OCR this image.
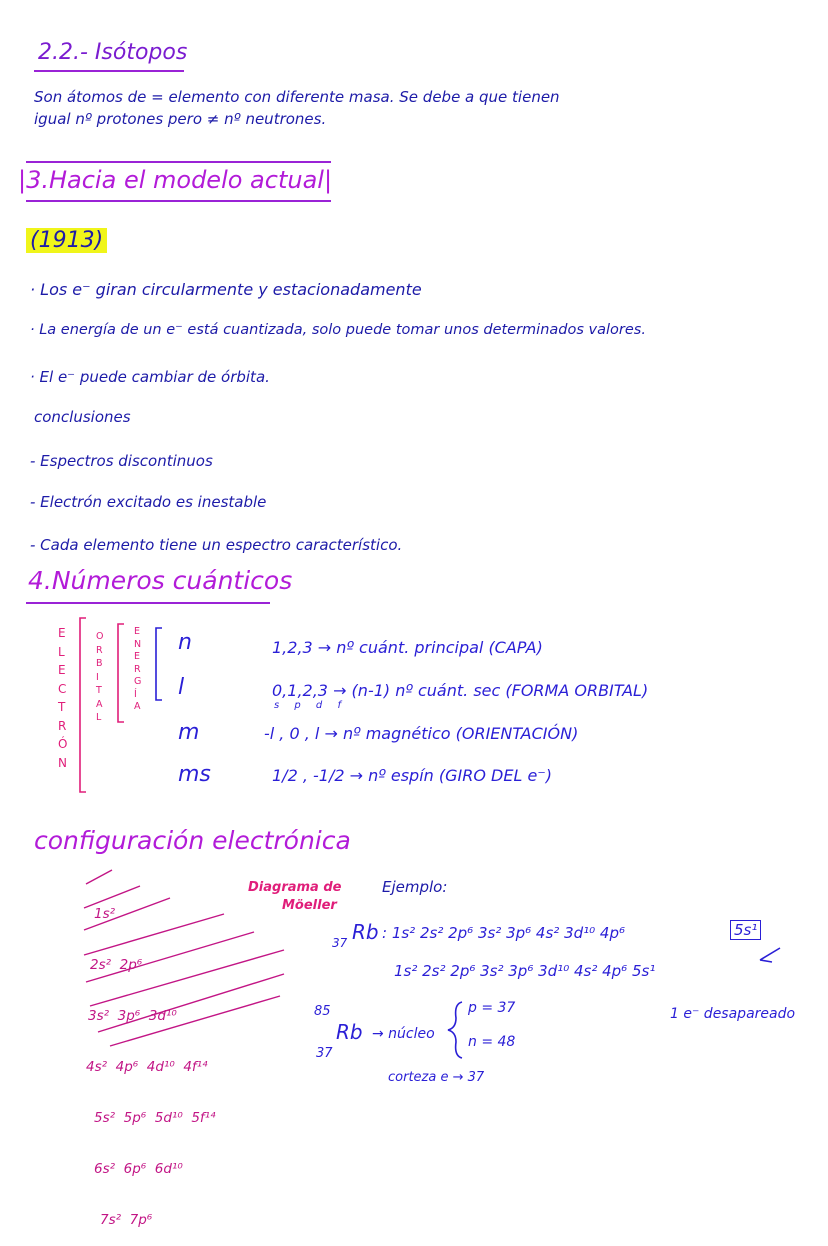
2.2.- Isótopos
Son átomos de = elemento con diferente masa. Se debe a que tienen
igual nº protones pero ≠ nº neutrones.
|3.Hacia el modelo actual|
(1913)
· Los e⁻ giran circularmente y estacionadamente
· La energía de un e⁻ está cuantizada, solo puede tomar unos determinados valores.
· El e⁻ puede cambiar de órbita.
conclusiones
- Espectros discontinuos
- Electrón excitado es inestable
- Cada elemento tiene un espectro característico.
4.Números cuánticos
E
L
E
C
T
R
Ó
N
O
R
B
I
T
A
L
E
N
E
R
G
Í
A
n
l
m
ms
1,2,3 → nº cuánt. principal (CAPA)
0,1,2,3 → (n-1) nº cuánt. sec (FORMA ORBITAL)
s p d f
-l , 0 , l → nº magnético (ORIENTACIÓN)
1/2 , -1/2 → nº espín (GIRO DEL e⁻)
configuración electrónica
Diagrama de
Möeller

1s²

2s²  2p⁶

3s²  3p⁶  3d¹⁰

4s²  4p⁶  4d¹⁰  4f¹⁴

5s²  5p⁶  5d¹⁰  5f¹⁴

6s²  6p⁶  6d¹⁰

7s²  7p⁶

Ejemplo:
37 Rb : 1s² 2s² 2p⁶ 3s² 3p⁶ 4s² 3d¹⁰ 4p⁶	5s¹
1s² 2s² 2p⁶ 3s² 3p⁶ 3d¹⁰ 4s² 4p⁶ 5s¹
1 e⁻ desapareado
85
Rb
37
→ núcleo
p = 37
n = 48
corteza e → 37
